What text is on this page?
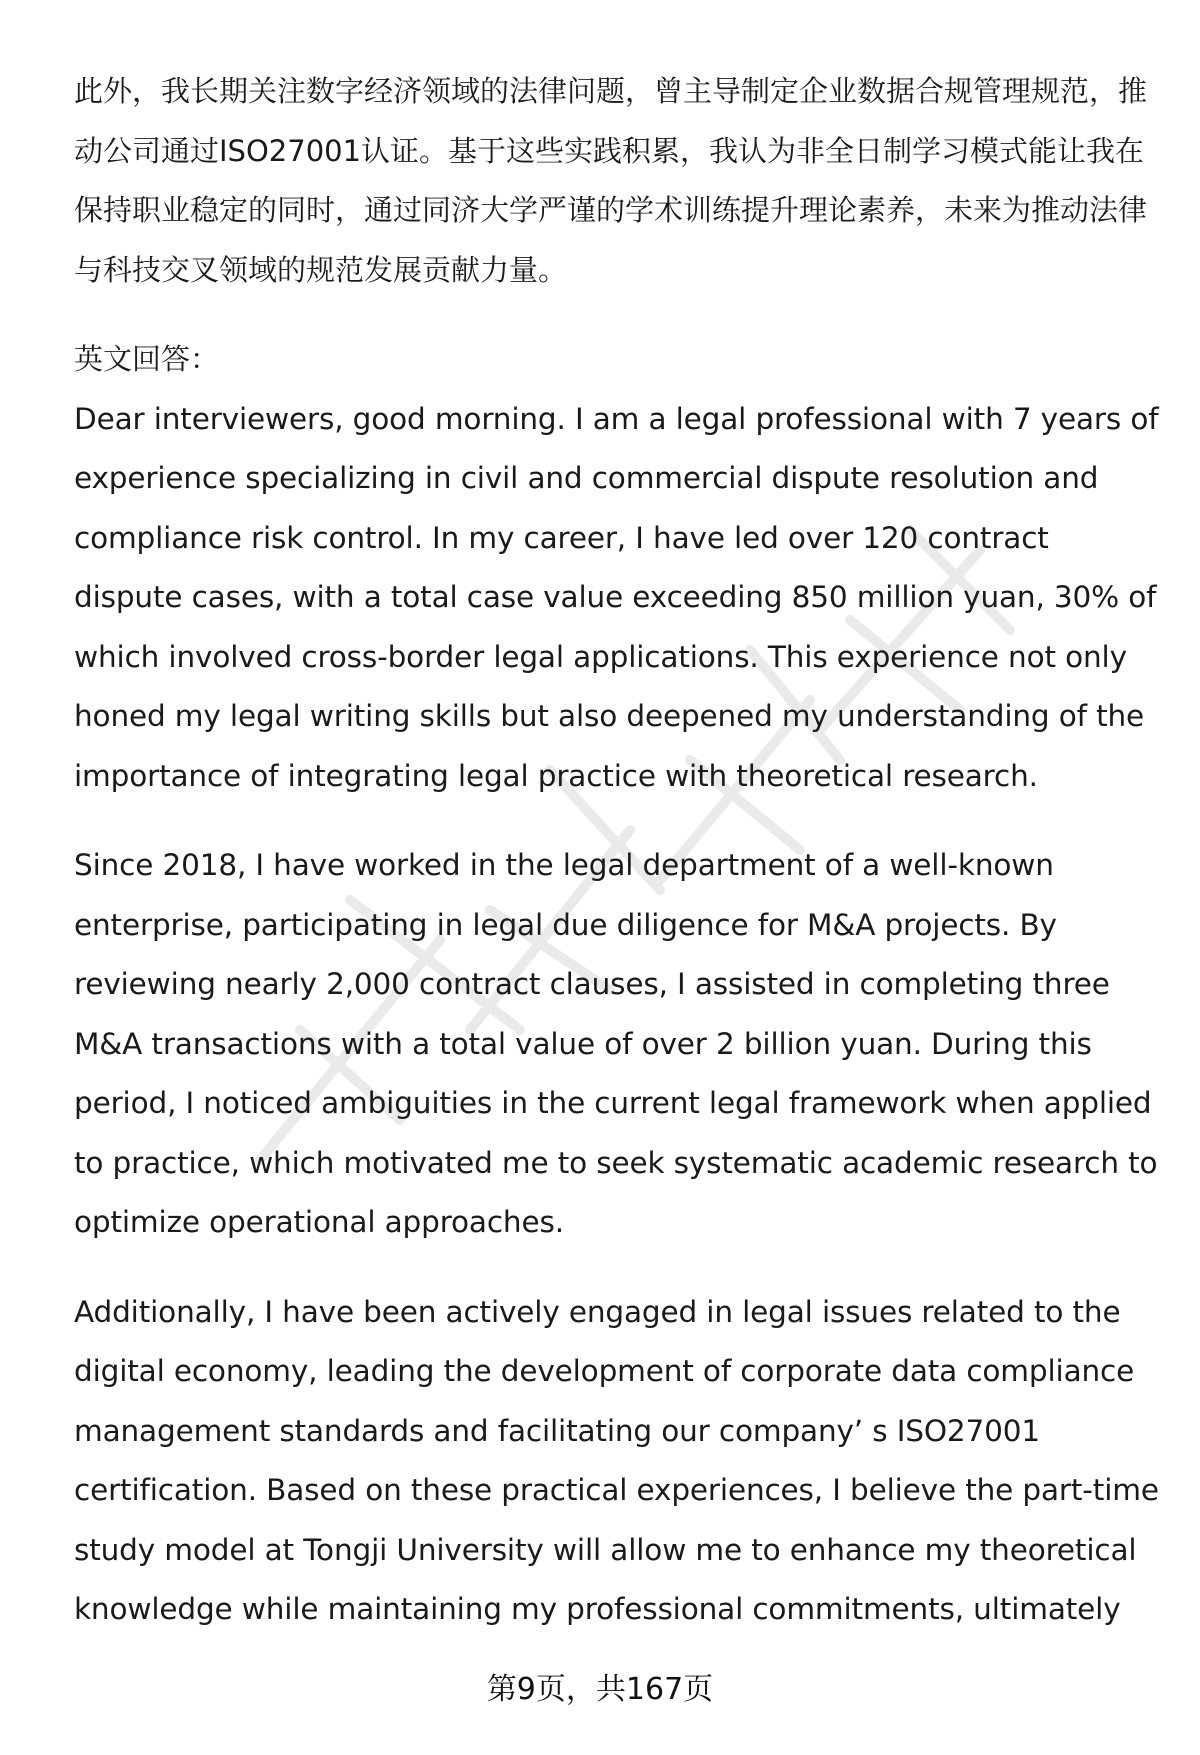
此外，我长期关注数字经济领域的法律问题，曾主导制定企业数据合规管理规范，推动公司通过ISO27001认证。基于这些实践积累，我认为非全日制学习模式能让我在保持职业稳定的同时，通过同济大学严谨的学术训练提升理论素养，未来为推动法律与科技交叉领域的规范发展贡献力量。

英文回答：

Dear interviewers, good morning. I am a legal professional with 7 years of experience specializing in civil and commercial dispute resolution and compliance risk control. In my career, I have led over 120 contract dispute cases, with a total case value exceeding 850 million yuan, 30% of which involved cross-border legal applications. This experience not only honed my legal writing skills but also deepened my understanding of the importance of integrating legal practice with theoretical research.

Since 2018, I have worked in the legal department of a well-known enterprise, participating in legal due diligence for M&A projects. By reviewing nearly 2,000 contract clauses, I assisted in completing three M&A transactions with a total value of over 2 billion yuan. During this period, I noticed ambiguities in the current legal framework when applied to practice, which motivated me to seek systematic academic research to optimize operational approaches.

Additionally, I have been actively engaged in legal issues related to the digital economy, leading the development of corporate data compliance management standards and facilitating our company’ s ISO27001 certification. Based on these practical experiences, I believe the part-time study model at Tongji University will allow me to enhance my theoretical knowledge while maintaining my professional commitments, ultimately

第9页，共167页
